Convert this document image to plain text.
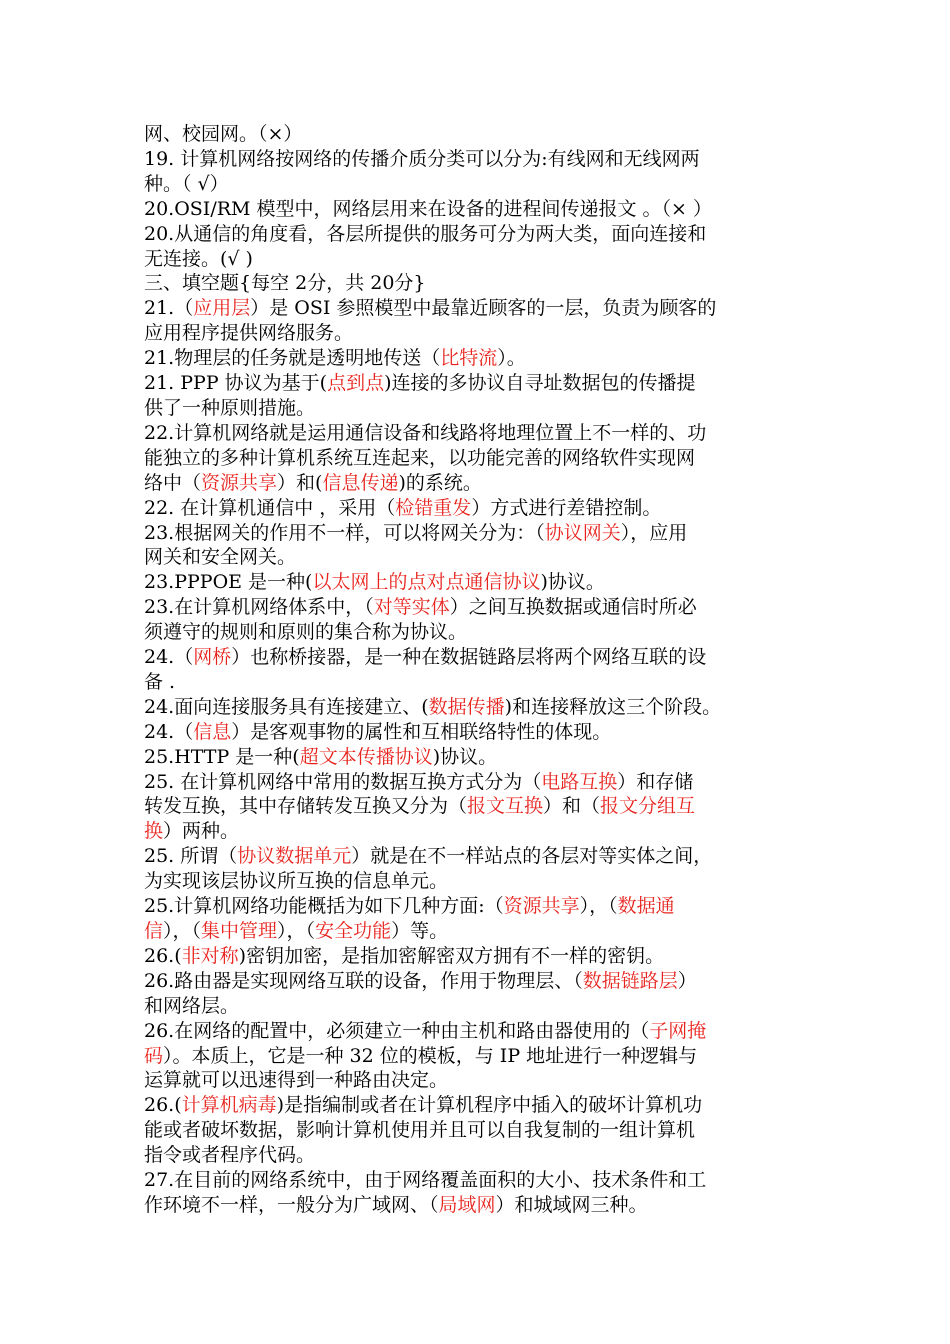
网、校园网。（×）
19. 计算机网络按网络的传播介质分类可以分为:有线网和无线网两
种。（ √）
20.OSI/RM 模型中，网络层用来在设备的进程间传递报文 。（× ）
20.从通信的角度看，各层所提供的服务可分为两大类，面向连接和
无连接。(√ )
三、填空题{每空 2分，共 20分}
21.（应用层）是 OSI 参照模型中最靠近顾客的一层，负责为顾客的
应用程序提供网络服务。
21.物理层的任务就是透明地传送（比特流）。
21. PPP 协议为基于(点到点)连接的多协议自寻址数据包的传播提
供了一种原则措施。
22.计算机网络就是运用通信设备和线路将地理位置上不一样的、功
能独立的多种计算机系统互连起来，以功能完善的网络软件实现网
络中（资源共享）和(信息传递)的系统。
22. 在计算机通信中 ，采用（检错重发）方式进行差错控制。
23.根据网关的作用不一样，可以将网关分为：（协议网关），应用
网关和安全网关。
23.PPPOE 是一种(以太网上的点对点通信协议)协议。
23.在计算机网络体系中，（对等实体）之间互换数据或通信时所必
须遵守的规则和原则的集合称为协议。
24.（网桥）也称桥接器，是一种在数据链路层将两个网络互联的设
备 .
24.面向连接服务具有连接建立、(数据传播)和连接释放这三个阶段。
24.（信息）是客观事物的属性和互相联络特性的体现。
25.HTTP 是一种(超文本传播协议)协议。
25. 在计算机网络中常用的数据互换方式分为（电路互换）和存储
转发互换，其中存储转发互换又分为（报文互换）和（报文分组互
换）两种。
25. 所谓（协议数据单元）就是在不一样站点的各层对等实体之间，
为实现该层协议所互换的信息单元。
25.计算机网络功能概括为如下几种方面:（资源共享），（数据通
信），（集中管理），（安全功能）等。
26.(非对称)密钥加密，是指加密解密双方拥有不一样的密钥。
26.路由器是实现网络互联的设备，作用于物理层、（数据链路层）
和网络层。
26.在网络的配置中，必须建立一种由主机和路由器使用的（子网掩
码）。本质上，它是一种 32 位的模板，与 IP 地址进行一种逻辑与
运算就可以迅速得到一种路由决定。
26.(计算机病毒)是指编制或者在计算机程序中插入的破坏计算机功
能或者破坏数据，影响计算机使用并且可以自我复制的一组计算机
指令或者程序代码。
27.在目前的网络系统中，由于网络覆盖面积的大小、技术条件和工
作环境不一样，一般分为广域网、（局域网）和城域网三种。
